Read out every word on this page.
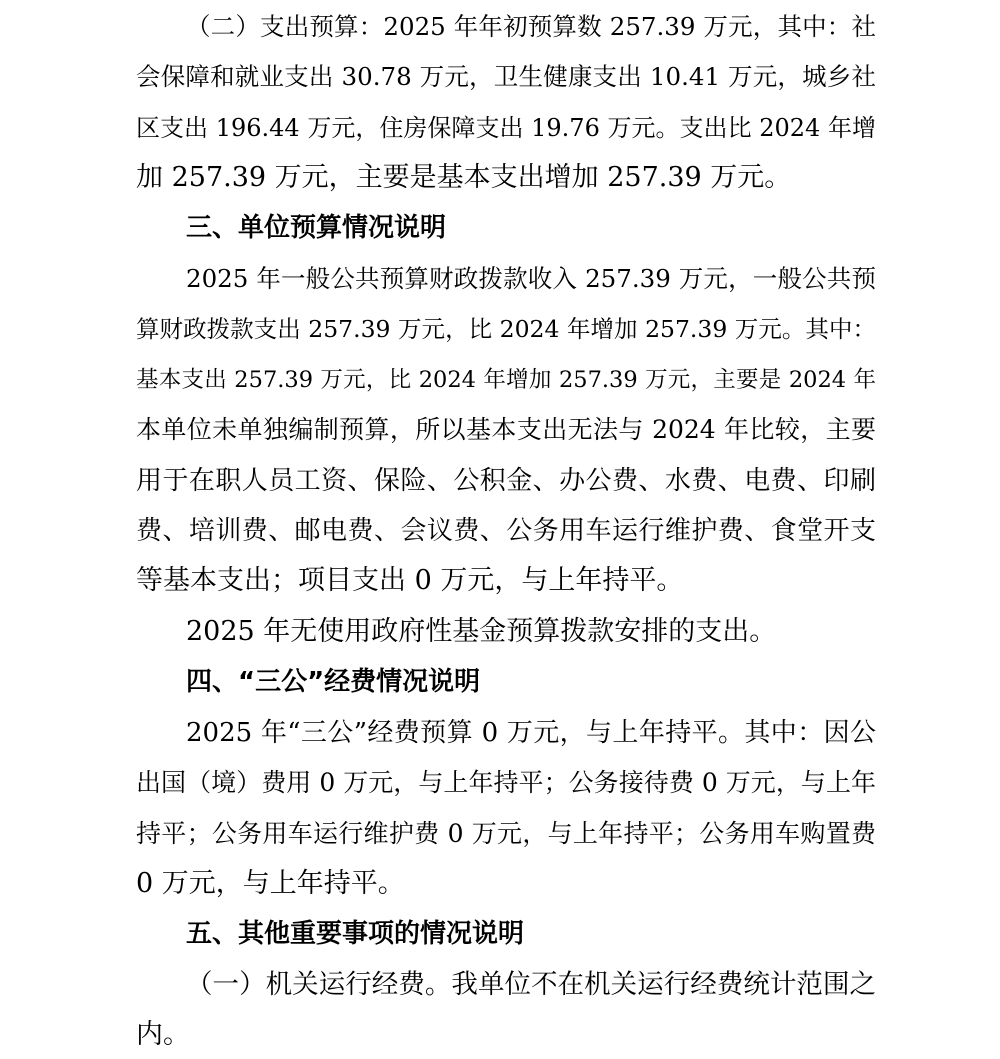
（二）支出预算：2025 年年初预算数 257.39 万元，其中：社
会保障和就业支出 30.78 万元，卫生健康支出 10.41 万元，城乡社
区支出 196.44 万元，住房保障支出 19.76 万元。支出比 2024 年增
加 257.39 万元，主要是基本支出增加 257.39 万元。
三、单位预算情况说明
2025 年一般公共预算财政拨款收入 257.39 万元，一般公共预
算财政拨款支出 257.39 万元，比 2024 年增加 257.39 万元。其中：
基本支出 257.39 万元，比 2024 年增加 257.39 万元，主要是 2024 年
本单位未单独编制预算，所以基本支出无法与 2024 年比较，主要
用于在职人员工资、保险、公积金、办公费、水费、电费、印刷
费、培训费、邮电费、会议费、公务用车运行维护费、食堂开支
等基本支出；项目支出 0 万元，与上年持平。
2025 年无使用政府性基金预算拨款安排的支出。
四、“三公”经费情况说明
2025 年“三公”经费预算 0 万元，与上年持平。其中：因公
出国（境）费用 0 万元，与上年持平；公务接待费 0 万元，与上年
持平；公务用车运行维护费 0 万元，与上年持平；公务用车购置费
0 万元，与上年持平。
五、其他重要事项的情况说明
（一）机关运行经费。我单位不在机关运行经费统计范围之
内。
